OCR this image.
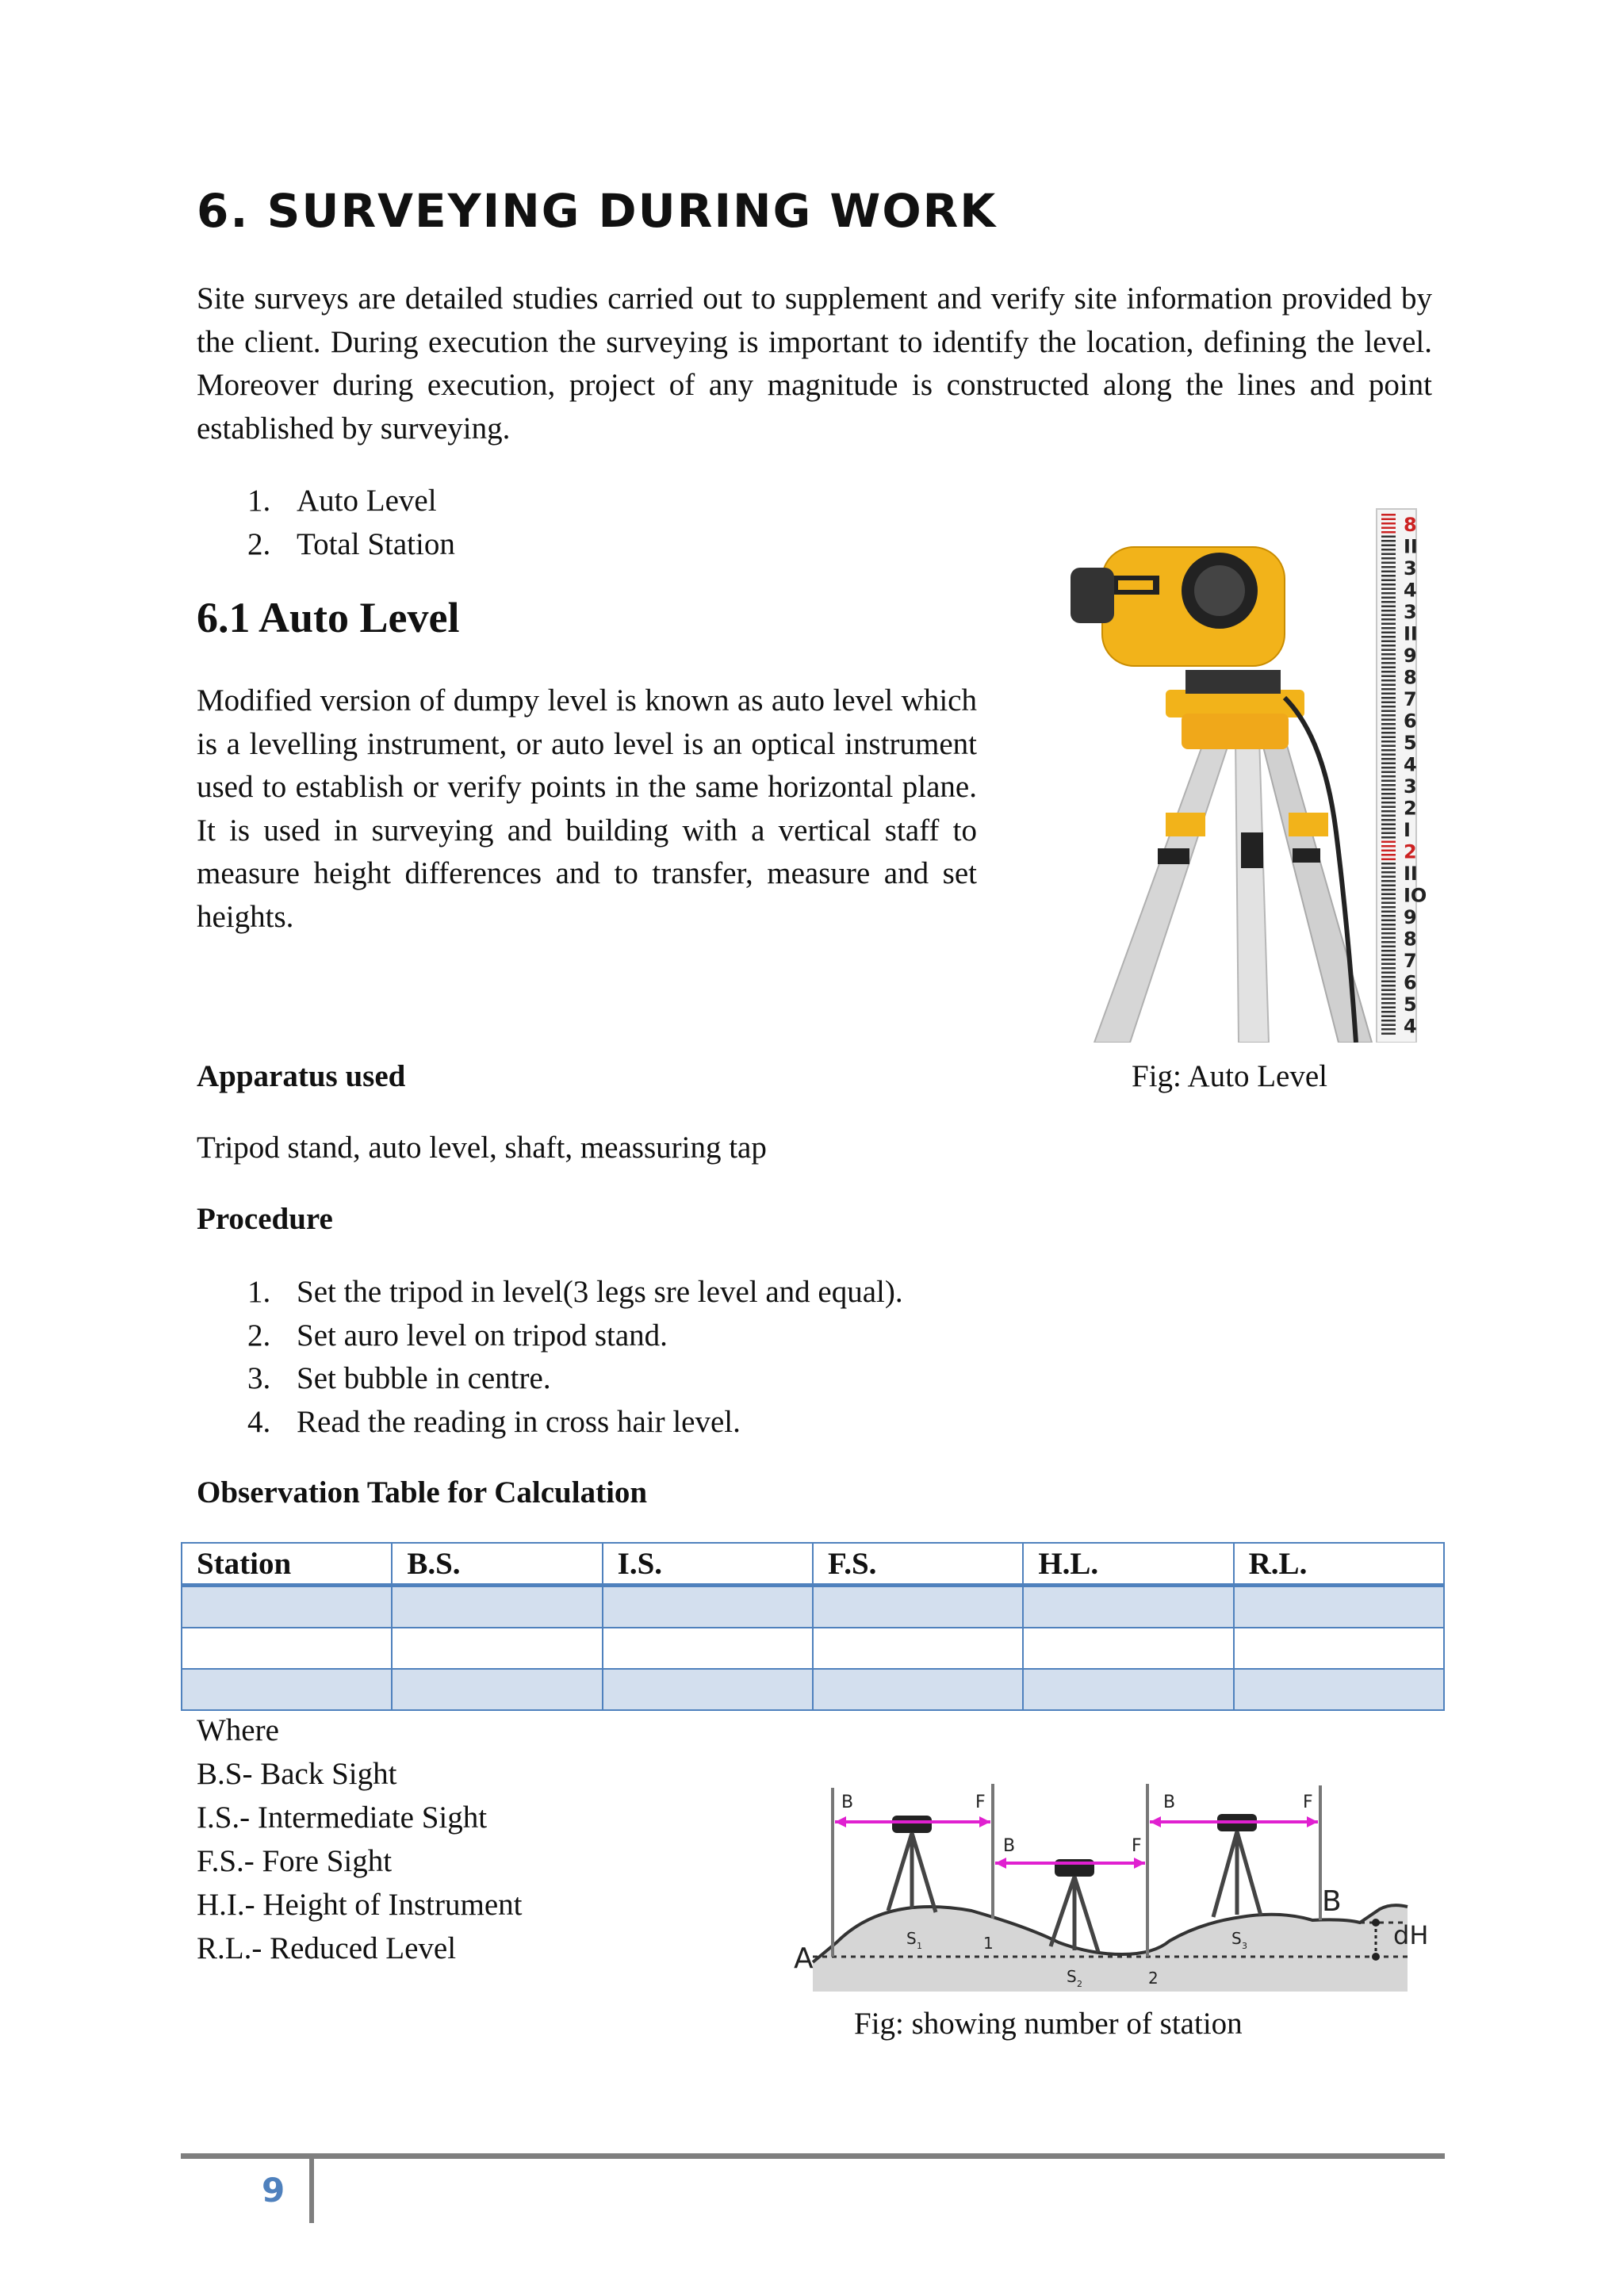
6. SURVEYING DURING WORK

Site surveys are detailed studies carried out to supplement and verify site information provided by the client. During execution the surveying is important to identify the location, defining the level. Moreover during execution, project of any magnitude is constructed along the lines and point established by surveying.

1. Auto Level
2. Total Station
6.1 Auto Level

Modified version of dumpy level is known as auto level which is a levelling instrument, or auto level is an optical instrument used to establish or verify points in the same horizontal plane. It is used in surveying and building with a vertical staff to measure height differences and to transfer, measure and set heights.

8
II
3
4
3
II
9
8
7
6
5
4
3
2
I
2
II
IO
9
8
7
6
5
4

Fig: Auto Level

Apparatus used

Tripod stand, auto level, shaft, meassuring tap

Procedure

1. Set the tripod in level(3 legs sre level and equal).
2. Set auro level on tripod stand.
3. Set bubble in centre.
4. Read the reading in cross hair level.

Observation Table for Calculation

Station	B.S.	I.S.	F.S.	H.L.	R.L.

Where
B.S- Back Sight
I.S.- Intermediate Sight
F.S.- Fore Sight
H.I.- Height of Instrument
R.L.- Reduced Level
B	F
B	F
B	F
A
B
dH
S 1
S 2
S 3
1
2

Fig: showing number of station

9
